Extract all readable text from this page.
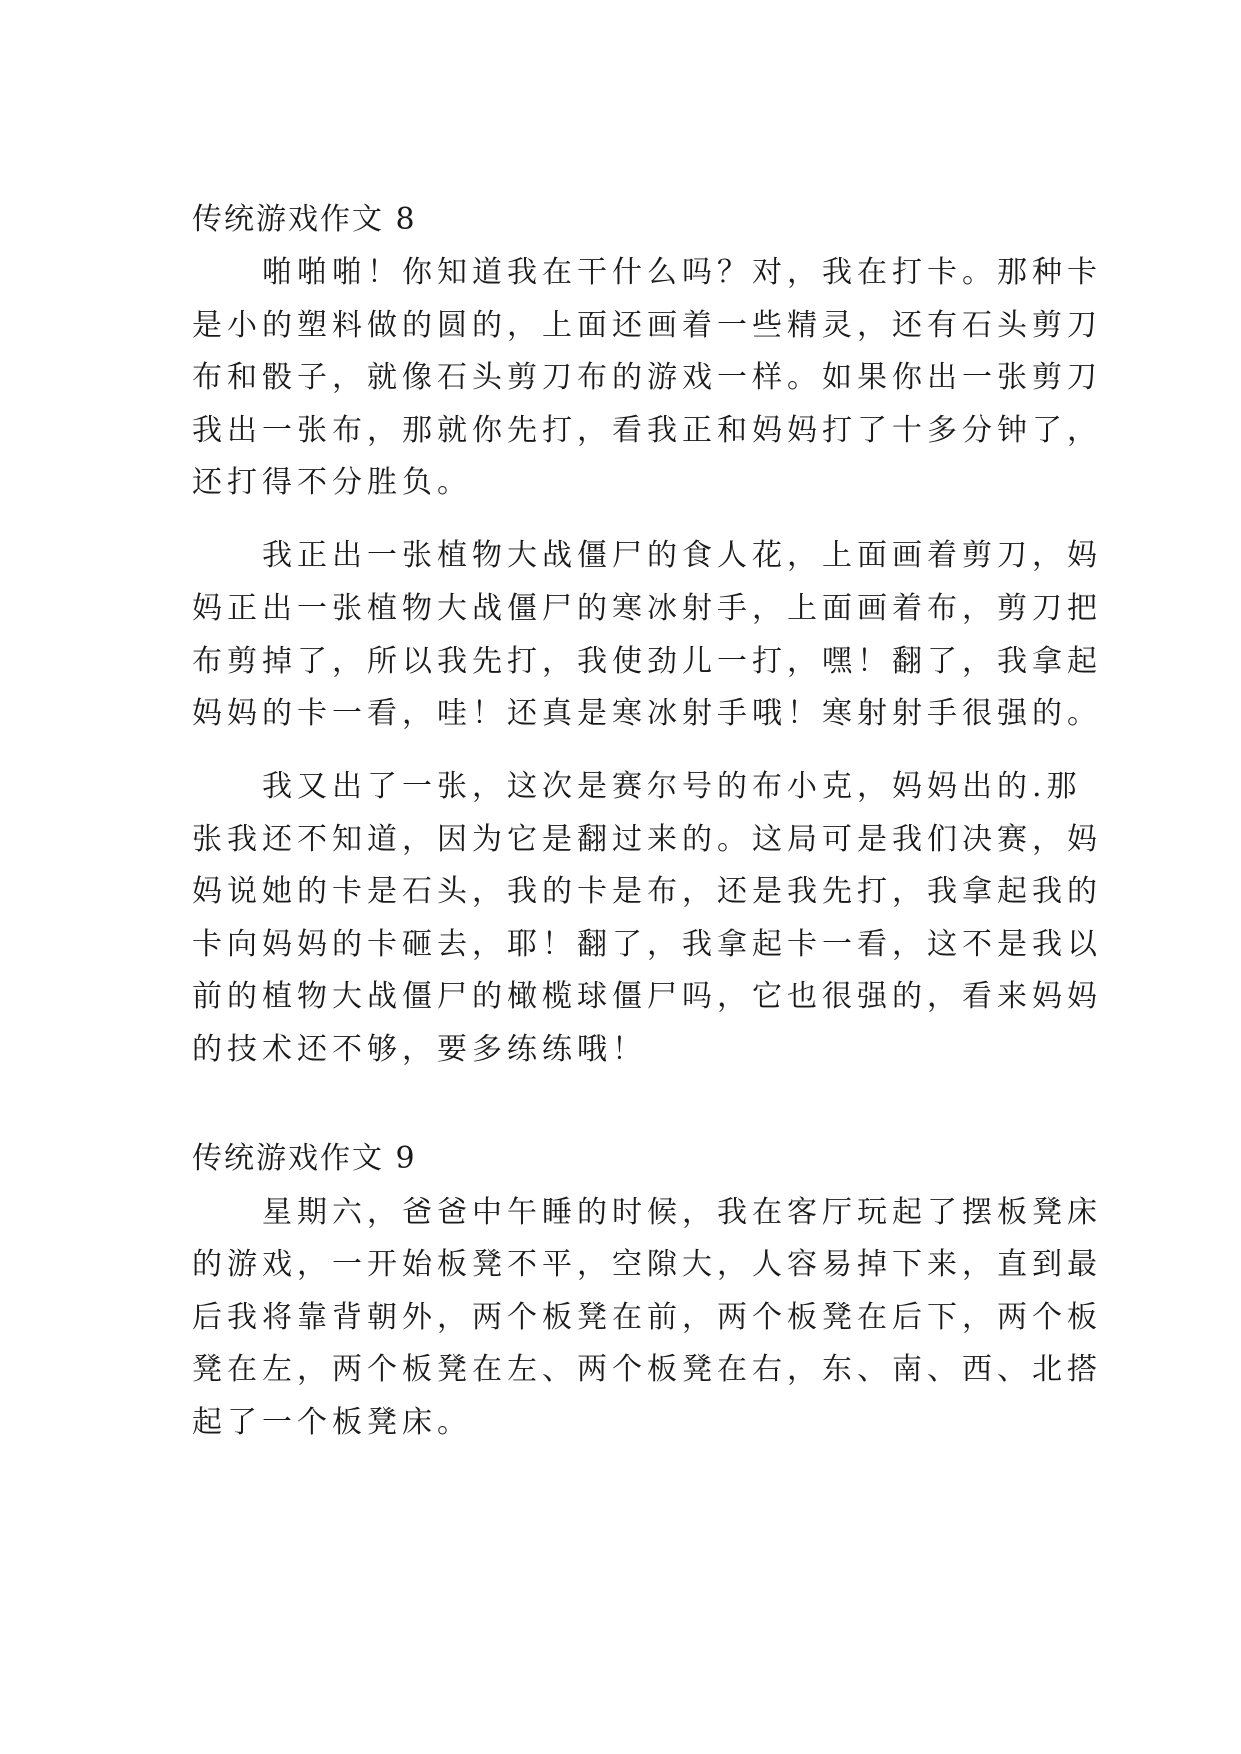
传统游戏作文 8
　　啪啪啪！你知道我在干什么吗？对，我在打卡。那种卡
是小的塑料做的圆的，上面还画着一些精灵，还有石头剪刀
布和骰子，就像石头剪刀布的游戏一样。如果你出一张剪刀
我出一张布，那就你先打，看我正和妈妈打了十多分钟了，
还打得不分胜负。
　　我正出一张植物大战僵尸的食人花，上面画着剪刀，妈
妈正出一张植物大战僵尸的寒冰射手，上面画着布，剪刀把
布剪掉了，所以我先打，我使劲儿一打，嘿！翻了，我拿起
妈妈的卡一看，哇！还真是寒冰射手哦！寒射射手很强的。
　　我又出了一张，这次是赛尔号的布小克，妈妈出的.那
张我还不知道，因为它是翻过来的。这局可是我们决赛，妈
妈说她的卡是石头，我的卡是布，还是我先打，我拿起我的
卡向妈妈的卡砸去，耶！翻了，我拿起卡一看，这不是我以
前的植物大战僵尸的橄榄球僵尸吗，它也很强的，看来妈妈
的技术还不够，要多练练哦！
传统游戏作文 9
　　星期六，爸爸中午睡的时候，我在客厅玩起了摆板凳床
的游戏，一开始板凳不平，空隙大，人容易掉下来，直到最
后我将靠背朝外，两个板凳在前，两个板凳在后下，两个板
凳在左，两个板凳在左、两个板凳在右，东、南、西、北搭
起了一个板凳床。
